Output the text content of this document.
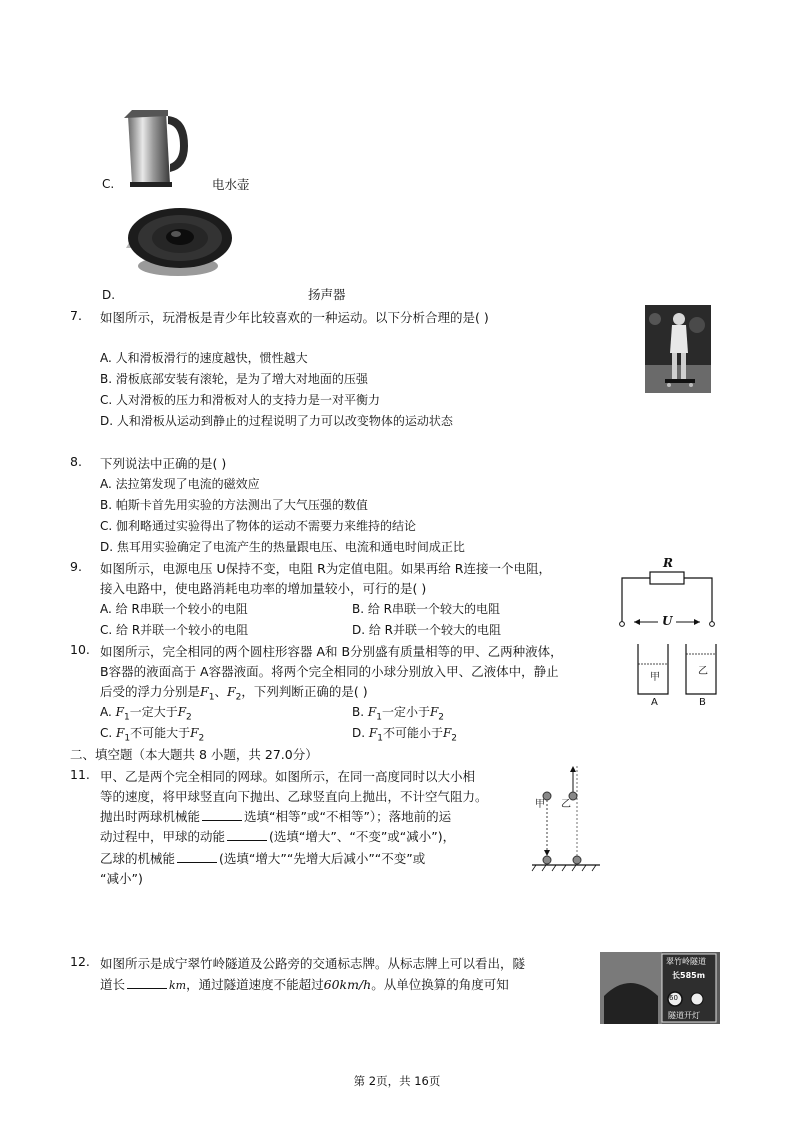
C.	电水壶
D.	扬声器
7. 如图所示，玩滑板是青少年比较喜欢的一种运动。以下分析合理的是( )
A. 人和滑板滑行的速度越快，惯性越大
B. 滑板底部安装有滚轮，是为了增大对地面的压强
C. 人对滑板的压力和滑板对人的支持力是一对平衡力
D. 人和滑板从运动到静止的过程说明了力可以改变物体的运动状态
8. 下列说法中正确的是( )
A. 法拉第发现了电流的磁效应
B. 帕斯卡首先用实验的方法测出了大气压强的数值
C. 伽利略通过实验得出了物体的运动不需要力来维持的结论
D. 焦耳用实验确定了电流产生的热量跟电压、电流和通电时间成正比
9. 如图所示，电源电压 U保持不变，电阻 R为定值电阻。如果再给 R连接一个电阻，
接入电路中，使电路消耗电功率的增加量较小，可行的是( )
A. 给 R串联一个较小的电阻	B. 给 R串联一个较大的电阻
C. 给 R并联一个较小的电阻	D. 给 R并联一个较大的电阻
R
U
10. 如图所示，完全相同的两个圆柱形容器 A和 B分别盛有质量相等的甲、乙两种液体，
B容器的液面高于 A容器液面。将两个完全相同的小球分别放入甲、乙液体中，静止
后受的浮力分别是$F_1$、$F_2$，下列判断正确的是( )
A. $F_1$一定大于$F_2$	B. $F_1$一定小于$F_2$
C. $F_1$不可能大于$F_2$	D. $F_1$不可能小于$F_2$
甲
乙
A	B
二、填空题（本大题共 8 小题，共 27.0分）
11. 甲、乙是两个完全相同的网球。如图所示，在同一高度同时以大小相
等的速度，将甲球竖直向下抛出、乙球竖直向上抛出，不计空气阻力。
抛出时两球机械能	选填“相等”或“不相等”）；落地前的运
动过程中，甲球的动能	(选填“增大”、“不变”或“减小”)，
乙球的机械能	(选填“增大”“先增大后减小”“不变”或
“减小”)
甲 乙
12. 如图所示是成宁翠竹岭隧道及公路旁的交通标志牌。从标志牌上可以看出，隧
道长	km，通过隧道速度不能超过60km/h。从单位换算的角度可知
翠竹岭隧道
长585m
60
隧道开灯
第 2页，共 16页
